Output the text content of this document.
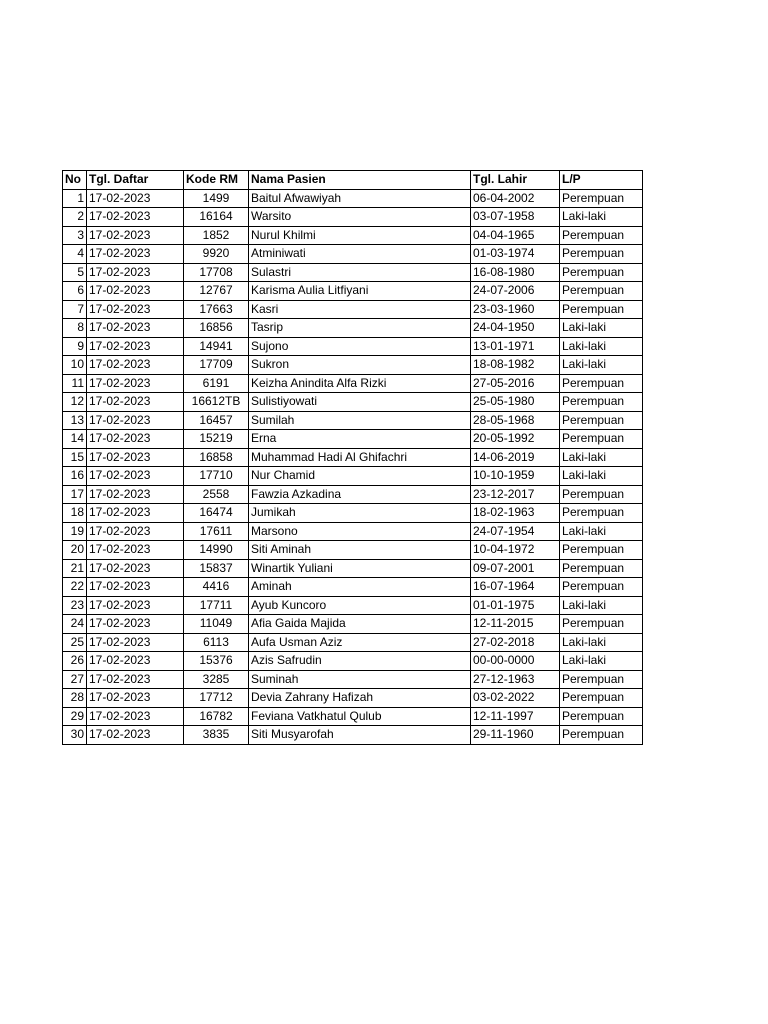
No	Tgl. Daftar	Kode RM	Nama Pasien	Tgl. Lahir	L/P
1	17-02-2023	1499	Baitul Afwawiyah	06-04-2002	Perempuan
2	17-02-2023	16164	Warsito	03-07-1958	Laki-laki
3	17-02-2023	1852	Nurul Khilmi	04-04-1965	Perempuan
4	17-02-2023	9920	Atminiwati	01-03-1974	Perempuan
5	17-02-2023	17708	Sulastri	16-08-1980	Perempuan
6	17-02-2023	12767	Karisma Aulia Litfiyani	24-07-2006	Perempuan
7	17-02-2023	17663	Kasri	23-03-1960	Perempuan
8	17-02-2023	16856	Tasrip	24-04-1950	Laki-laki
9	17-02-2023	14941	Sujono	13-01-1971	Laki-laki
10	17-02-2023	17709	Sukron	18-08-1982	Laki-laki
11	17-02-2023	6191	Keizha Anindita Alfa Rizki	27-05-2016	Perempuan
12	17-02-2023	16612TB	Sulistiyowati	25-05-1980	Perempuan
13	17-02-2023	16457	Sumilah	28-05-1968	Perempuan
14	17-02-2023	15219	Erna	20-05-1992	Perempuan
15	17-02-2023	16858	Muhammad Hadi Al Ghifachri	14-06-2019	Laki-laki
16	17-02-2023	17710	Nur Chamid	10-10-1959	Laki-laki
17	17-02-2023	2558	Fawzia Azkadina	23-12-2017	Perempuan
18	17-02-2023	16474	Jumikah	18-02-1963	Perempuan
19	17-02-2023	17611	Marsono	24-07-1954	Laki-laki
20	17-02-2023	14990	Siti Aminah	10-04-1972	Perempuan
21	17-02-2023	15837	Winartik Yuliani	09-07-2001	Perempuan
22	17-02-2023	4416	Aminah	16-07-1964	Perempuan
23	17-02-2023	17711	Ayub Kuncoro	01-01-1975	Laki-laki
24	17-02-2023	11049	Afia Gaida Majida	12-11-2015	Perempuan
25	17-02-2023	6113	Aufa Usman Aziz	27-02-2018	Laki-laki
26	17-02-2023	15376	Azis Safrudin	00-00-0000	Laki-laki
27	17-02-2023	3285	Suminah	27-12-1963	Perempuan
28	17-02-2023	17712	Devia Zahrany Hafizah	03-02-2022	Perempuan
29	17-02-2023	16782	Feviana Vatkhatul Qulub	12-11-1997	Perempuan
30	17-02-2023	3835	Siti Musyarofah	29-11-1960	Perempuan
